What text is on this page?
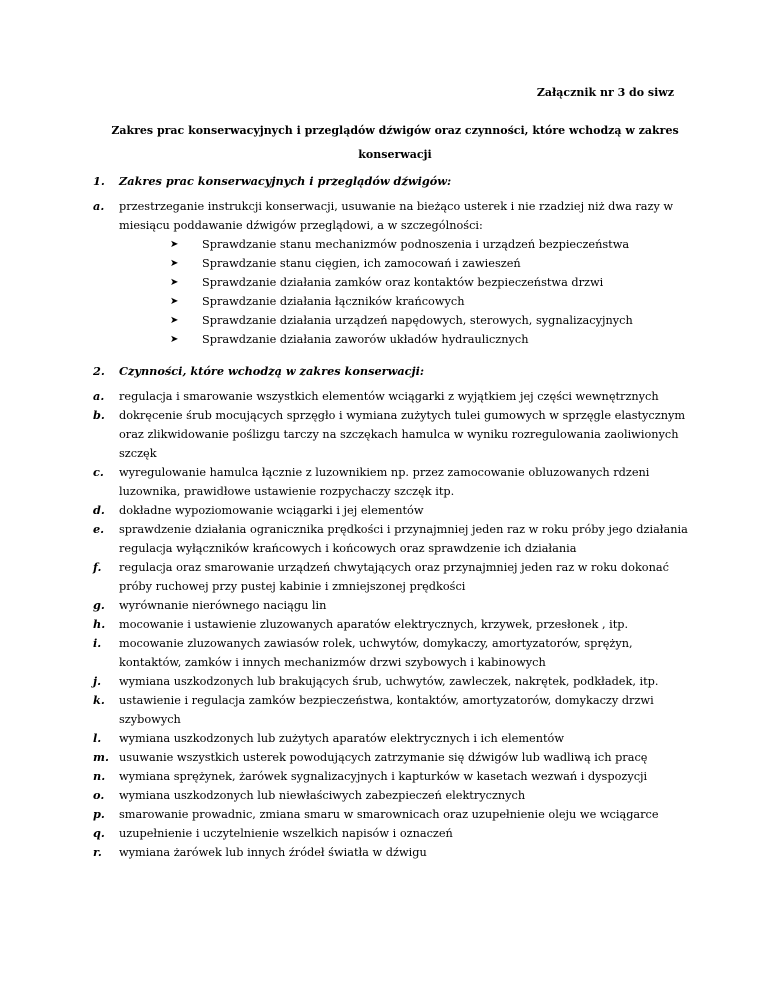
Załącznik nr 3 do siwz
Zakres prac konserwacyjnych i przeglądów dźwigów oraz czynności, które wchodzą w zakres konserwacji
1. Zakres prac konserwacyjnych i przeglądów dźwigów:
a. przestrzeganie instrukcji konserwacji, usuwanie na bieżąco usterek i nie rzadziej niż dwa razy w miesiącu poddawanie dźwigów przeglądowi, a w szczególności:
➤ Sprawdzanie stanu mechanizmów podnoszenia i urządzeń bezpieczeństwa
➤ Sprawdzanie stanu cięgien, ich zamocowań i zawieszeń
➤ Sprawdzanie działania zamków oraz kontaktów bezpieczeństwa drzwi
➤ Sprawdzanie działania łączników krańcowych
➤ Sprawdzanie działania urządzeń napędowych, sterowych, sygnalizacyjnych
➤ Sprawdzanie działania zaworów układów hydraulicznych
2. Czynności, które wchodzą w zakres konserwacji:
a. regulacja i smarowanie wszystkich elementów wciągarki z wyjątkiem jej części wewnętrznych
b. dokręcenie śrub mocujących sprzęgło i wymiana zużytych tulei gumowych w sprzęgle elastycznym oraz zlikwidowanie poślizgu tarczy na szczękach hamulca w wyniku rozregulowania zaoliwionych szczęk
c. wyregulowanie hamulca łącznie z luzownikiem np. przez zamocowanie obluzowanych rdzeni luzownika, prawidłowe ustawienie rozpychaczy szczęk itp.
d. dokładne wypoziomowanie wciągarki i jej elementów
e. sprawdzenie działania ogranicznika prędkości i przynajmniej jeden raz w roku próby jego działania regulacja wyłączników krańcowych i końcowych oraz sprawdzenie ich działania
f. regulacja oraz smarowanie urządzeń chwytających oraz przynajmniej jeden raz w roku dokonać próby ruchowej przy pustej kabinie i zmniejszonej prędkości
g. wyrównanie nierównego naciągu lin
h. mocowanie i ustawienie zluzowanych aparatów elektrycznych, krzywek, przesłonek , itp.
i. mocowanie zluzowanych zawiasów rolek, uchwytów, domykaczy, amortyzatorów, sprężyn, kontaktów, zamków i innych mechanizmów drzwi szybowych i kabinowych
j. wymiana uszkodzonych lub brakujących śrub, uchwytów, zawleczek, nakrętek, podkładek, itp.
k. ustawienie i regulacja zamków bezpieczeństwa, kontaktów, amortyzatorów, domykaczy drzwi szybowych
l. wymiana uszkodzonych lub zużytych aparatów elektrycznych i ich elementów
m. usuwanie wszystkich usterek powodujących zatrzymanie się dźwigów lub wadliwą ich pracę
n. wymiana sprężynek, żarówek sygnalizacyjnych i kapturków w kasetach wezwań i dyspozycji
o. wymiana uszkodzonych lub niewłaściwych zabezpieczeń elektrycznych
p. smarowanie prowadnic, zmiana smaru w smarownicach oraz uzupełnienie oleju we wciągarce
q. uzupełnienie i uczytelnienie wszelkich napisów i oznaczeń
r. wymiana żarówek lub innych źródeł światła w dźwigu
